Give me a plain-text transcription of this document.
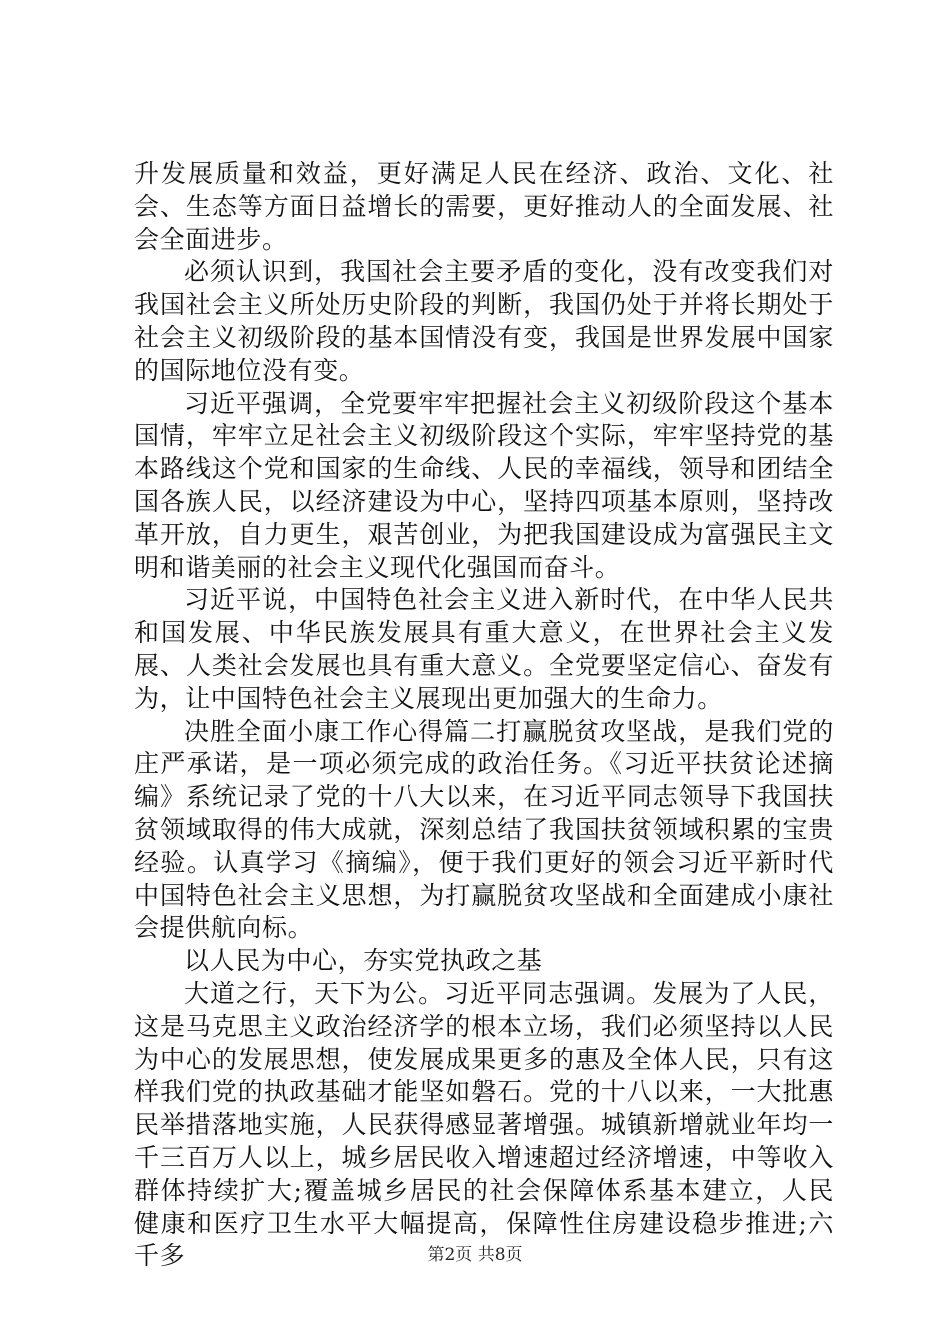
升发展质量和效益，更好满足人民在经济、政治、文化、社会、生态等方面日益增长的需要，更好推动人的全面发展、社会全面进步。

必须认识到，我国社会主要矛盾的变化，没有改变我们对我国社会主义所处历史阶段的判断，我国仍处于并将长期处于社会主义初级阶段的基本国情没有变，我国是世界发展中国家的国际地位没有变。

习近平强调，全党要牢牢把握社会主义初级阶段这个基本国情，牢牢立足社会主义初级阶段这个实际，牢牢坚持党的基本路线这个党和国家的生命线、人民的幸福线，领导和团结全国各族人民，以经济建设为中心，坚持四项基本原则，坚持改革开放，自力更生，艰苦创业，为把我国建设成为富强民主文明和谐美丽的社会主义现代化强国而奋斗。

习近平说，中国特色社会主义进入新时代，在中华人民共和国发展、中华民族发展具有重大意义，在世界社会主义发展、人类社会发展也具有重大意义。全党要坚定信心、奋发有为，让中国特色社会主义展现出更加强大的生命力。

决胜全面小康工作心得篇二打赢脱贫攻坚战，是我们党的庄严承诺，是一项必须完成的政治任务。《习近平扶贫论述摘编》系统记录了党的十八大以来，在习近平同志领导下我国扶贫领域取得的伟大成就，深刻总结了我国扶贫领域积累的宝贵经验。认真学习《摘编》，便于我们更好的领会习近平新时代中国特色社会主义思想，为打赢脱贫攻坚战和全面建成小康社会提供航向标。

以人民为中心，夯实党执政之基

大道之行，天下为公。习近平同志强调。发展为了人民，这是马克思主义政治经济学的根本立场，我们必须坚持以人民为中心的发展思想，使发展成果更多的惠及全体人民，只有这样我们党的执政基础才能坚如磐石。党的十八以来，一大批惠民举措落地实施，人民获得感显著增强。城镇新增就业年均一千三百万人以上，城乡居民收入增速超过经济增速，中等收入群体持续扩大;覆盖城乡居民的社会保障体系基本建立，人民健康和医疗卫生水平大幅提高，保障性住房建设稳步推进;六千多	第2页 共8页
